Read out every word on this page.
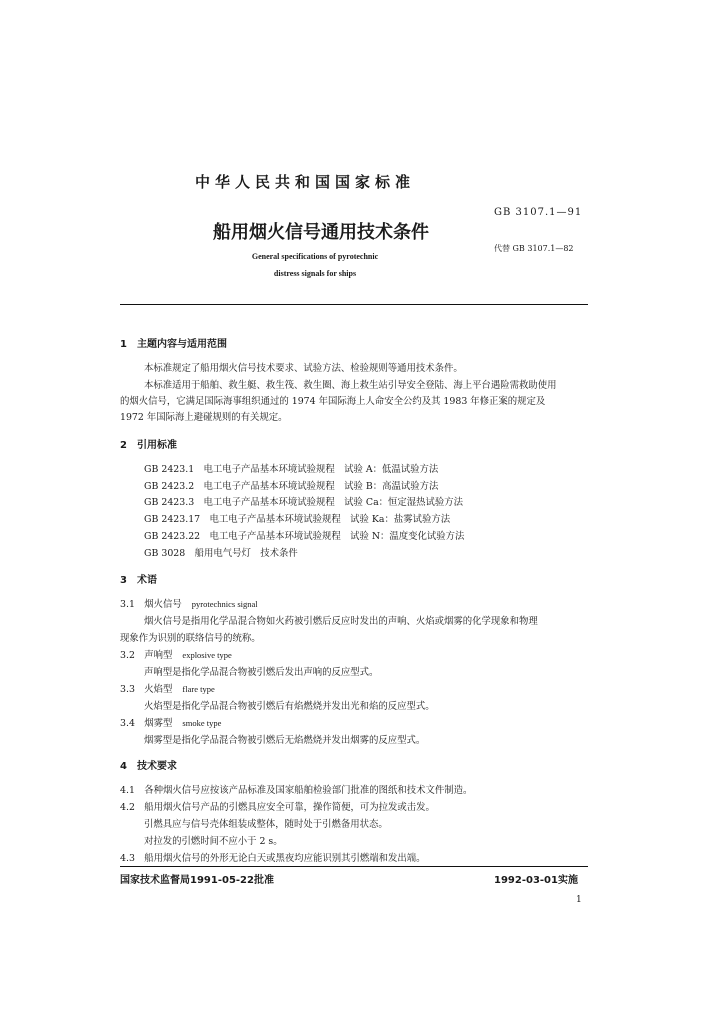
中华人民共和国国家标准
GB 3107.1—91
船用烟火信号通用技术条件
代替 GB 3107.1—82
General specifications of pyrotechnic
distress signals for ships
1　主题内容与适用范围
本标准规定了船用烟火信号技术要求、试验方法、检验规则等通用技术条件。
本标准适用于船舶、救生艇、救生筏、救生圈、海上救生站引导安全登陆、海上平台遇险需救助使用
的烟火信号，它满足国际海事组织通过的 1974 年国际海上人命安全公约及其 1983 年修正案的规定及
1972 年国际海上避碰规则的有关规定。
2　引用标准
GB 2423.1　电工电子产品基本环境试验规程　试验 A：低温试验方法
GB 2423.2　电工电子产品基本环境试验规程　试验 B：高温试验方法
GB 2423.3　电工电子产品基本环境试验规程　试验 Ca：恒定湿热试验方法
GB 2423.17　电工电子产品基本环境试验规程　试验 Ka：盐雾试验方法
GB 2423.22　电工电子产品基本环境试验规程　试验 N：温度变化试验方法
GB 3028　船用电气号灯　技术条件
3　术语
3.1　烟火信号 pyrotechnics signal
烟火信号是指用化学品混合物如火药被引燃后反应时发出的声响、火焰或烟雾的化学现象和物理
现象作为识别的联络信号的统称。
3.2　声响型 explosive type
声响型是指化学品混合物被引燃后发出声响的反应型式。
3.3　火焰型 flare type
火焰型是指化学品混合物被引燃后有焰燃烧并发出光和焰的反应型式。
3.4　烟雾型 smoke type
烟雾型是指化学品混合物被引燃后无焰燃烧并发出烟雾的反应型式。
4　技术要求
4.1　各种烟火信号应按该产品标准及国家船舶检验部门批准的图纸和技术文件制造。
4.2　船用烟火信号产品的引燃具应安全可靠，操作简便，可为拉发或击发。
引燃具应与信号壳体组装成整体，随时处于引燃备用状态。
对拉发的引燃时间不应小于 2 s。
4.3　船用烟火信号的外形无论白天或黑夜均应能识别其引燃端和发出端。
国家技术监督局1991-05-22批准	1992-03-01实施
1
